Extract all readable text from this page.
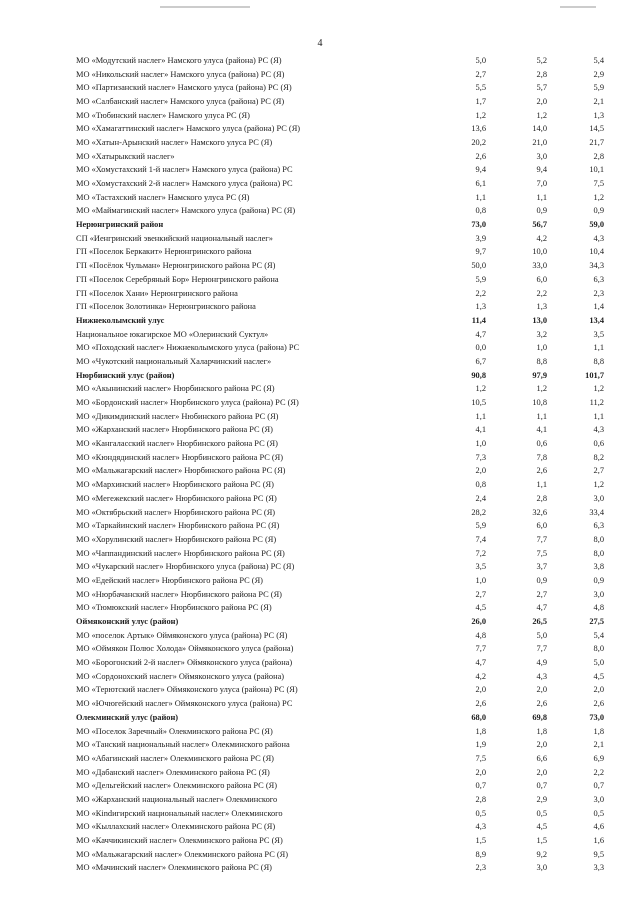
4
МО «Модутский наслег» Намского улуса (района) РС (Я)	5,0	5,2	5,4
МО «Никольский наслег» Намского улуса (района) РС (Я)	2,7	2,8	2,9
МО «Партизанский наслег» Намского улуса (района) РС (Я)	5,5	5,7	5,9
МО «Салбанский наслег» Намского улуса (района) РС (Я)	1,7	2,0	2,1
МО «Тюбинский наслег» Намского улуса РС (Я)	1,2	1,2	1,3
МО «Хамагаттинский наслег» Намского улуса (района) РС (Я)	13,6	14,0	14,5
МО «Хатын-Арынский наслег» Намского улуса РС (Я)	20,2	21,0	21,7
МО «Хатырыкский наслег»	2,6	3,0	2,8
МО «Хомустахский 1-й наслег» Намского улуса (района) РС	9,4	9,4	10,1
МО «Хомустахский 2-й наслег» Намского улуса (района) РС	6,1	7,0	7,5
МО «Тастахский наслег» Намского улуса РС (Я)	1,1	1,1	1,2
МО «Маймагинский наслег» Намского улуса (района) РС (Я)	0,8	0,9	0,9
Нерюнгринский район	73,0	56,7	59,0
СП «Иенгринский эвенкийский национальный наслег»	3,9	4,2	4,3
ГП «Поселок Беркакит» Нерюнгринского района	9,7	10,0	10,4
ГП «Посёлок Чульман» Нерюнгринского района РС (Я)	50,0	33,0	34,3
ГП «Поселок Серебряный Бор» Нерюнгринского района	5,9	6,0	6,3
ГП «Поселок Хани» Нерюнгринского района	2,2	2,2	2,3
ГП «Поселок Золотинка» Нерюнгринского района	1,3	1,3	1,4
Нижнеколымский улус	11,4	13,0	13,4
Национальное юкагирское МО «Олеринский Суктул»	4,7	3,2	3,5
МО «Походский наслег» Нижнеколымского улуса (района) РС	0,0	1,0	1,1
МО «Чукотский национальный Халарчинский наслег»	6,7	8,8	8,8
Нюрбинский улус (район)	90,8	97,9	101,7
МО «Акынинский наслег» Нюрбинского района РС (Я)	1,2	1,2	1,2
МО «Бордонский наслег» Нюрбинского улуса (района) РС (Я)	10,5	10,8	11,2
МО «Дикимдинский наслег» Нюбинского района РС (Я)	1,1	1,1	1,1
МО «Жарханский наслег» Нюрбинского района РС (Я)	4,1	4,1	4,3
МО «Кангаласский наслег» Нюрбинского района РС (Я)	1,0	0,6	0,6
МО «Кюндядинский наслег» Нюрбинского района РС (Я)	7,3	7,8	8,2
МО «Мальжагарский наслег» Нюрбинского района РС (Я)	2,0	2,6	2,7
МО «Мархинский наслег» Нюрбинского района РС (Я)	0,8	1,1	1,2
МО «Мегежекский наслег» Нюрбинского района РС (Я)	2,4	2,8	3,0
МО «Октябрьский наслег» Нюрбинского района РС (Я)	28,2	32,6	33,4
МО «Таркайинский наслег» Нюрбинского района РС (Я)	5,9	6,0	6,3
МО «Хорулинский наслег» Нюрбинского района РС (Я)	7,4	7,7	8,0
МО «Чаппандинский наслег» Нюрбинского района РС (Я)	7,2	7,5	8,0
МО «Чукарский наслег» Нюрбинского улуса (района) РС (Я)	3,5	3,7	3,8
МО «Едейский наслег» Нюрбинского района РС (Я)	1,0	0,9	0,9
МО «Нюрбачанский наслег» Нюрбинского района РС (Я)	2,7	2,7	3,0
МО «Тюмюкский наслег» Нюрбинского района РС (Я)	4,5	4,7	4,8
Оймяконский улус (район)	26,0	26,5	27,5
МО «поселок Артык» Оймяконского улуса (района) РС (Я)	4,8	5,0	5,4
МО «Оймякон Полюс Холода» Оймяконского улуса (района)	7,7	7,7	8,0
МО «Борогонский 2-й наслег» Оймяконского улуса (района)	4,7	4,9	5,0
МО «Сордонохский наслег» Оймяконского улуса (района)	4,2	4,3	4,5
МО «Терютский наслег» Оймяконского улуса (района) РС (Я)	2,0	2,0	2,0
МО «Ючюгейский наслег» Оймяконского улуса (района) РС	2,6	2,6	2,6
Олекминский улус (район)	68,0	69,8	73,0
МО «Поселок Заречный» Олекминского района РС (Я)	1,8	1,8	1,8
МО «Танский национальный наслег» Олекминского района	1,9	2,0	2,1
МО «Абагинский наслег» Олекминского района РС (Я)	7,5	6,6	6,9
МО «Дабанский наслег» Олекминского района РС (Я)	2,0	2,0	2,2
МО «Дельгейский наслег» Олекминского района РС (Я)	0,7	0,7	0,7
МО «Жарханский национальный наслег» Олекминского	2,8	2,9	3,0
МО «Кindигирский национальный наслег» Олекминского	0,5	0,5	0,5
МО «Кыллахский наслег» Олекминского района РС (Я)	4,3	4,5	4,6
МО «Каччикинский наслег» Олекминского района РС (Я)	1,5	1,5	1,6
МО «Мальжагарский наслег» Олекминского района РС (Я)	8,9	9,2	9,5
МО «Мачинский наслег» Олекминского района РС (Я)	2,3	3,0	3,3
